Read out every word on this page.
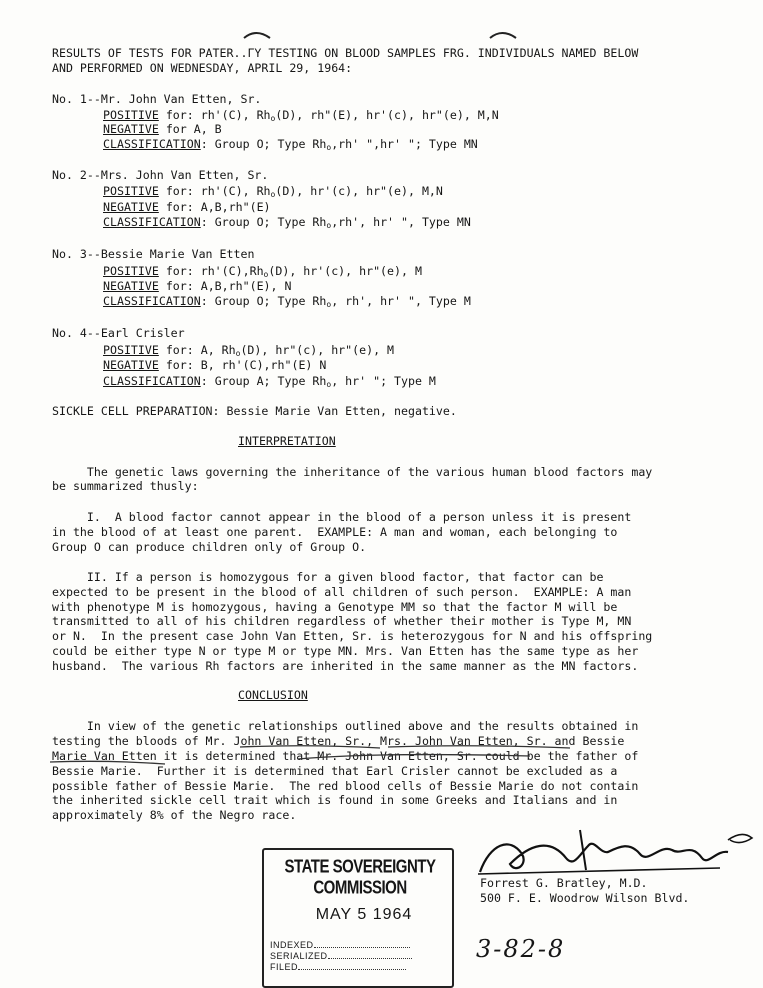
RESULTS OF TESTS FOR PATER..ΓY TESTING ON BLOOD SAMPLES FRG. INDIVIDUALS NAMED BELOW
AND PERFORMED ON WEDNESDAY, APRIL 29, 1964:
No. 1--Mr. John Van Etten, Sr.
POSITIVE for: rh'(C), $Rh_o(D)$, rh"(E), hr'(c), hr"(e), M,N
NEGATIVE for A, B
CLASSIFICATION: Group O; Type $Rh_o,rh'$ ",hr' "; Type MN
No. 2--Mrs. John Van Etten, Sr.
POSITIVE for: rh'(C), $Rh_o(D)$, hr'(c), hr"(e), M,N
NEGATIVE for: A,B,rh"(E)
CLASSIFICATION: Group O; Type $Rh_o,rh'$, hr' ", Type MN
No. 3--Bessie Marie Van Etten
POSITIVE for: $rh'(C),Rh_o(D)$, hr'(c), hr"(e), M
NEGATIVE for: A,B,rh"(E), N
CLASSIFICATION: Group O; Type $Rh_o$, rh', hr' ", Type M
No. 4--Earl Crisler
POSITIVE for: A, $Rh_o(D)$, hr"(c), hr"(e), M
NEGATIVE for: B, rh'(C),rh"(E) N
CLASSIFICATION: Group A; Type $Rh_o$, hr' "; Type M
SICKLE CELL PREPARATION: Bessie Marie Van Etten, negative.
INTERPRETATION
The genetic laws governing the inheritance of the various human blood factors may
be summarized thusly:
I.  A blood factor cannot appear in the blood of a person unless it is present
in the blood of at least one parent.  EXAMPLE: A man and woman, each belonging to
Group O can produce children only of Group O.
II. If a person is homozygous for a given blood factor, that factor can be
expected to be present in the blood of all children of such person.  EXAMPLE: A man
with phenotype M is homozygous, having a Genotype MM so that the factor M will be
transmitted to all of his children regardless of whether their mother is Type M, MN
or N.  In the present case John Van Etten, Sr. is heterozygous for N and his offspring
could be either type N or type M or type MN. Mrs. Van Etten has the same type as her
husband.  The various Rh factors are inherited in the same manner as the MN factors.
CONCLUSION
In view of the genetic relationships outlined above and the results obtained in
testing the bloods of Mr. John Van Etten, Sr., Mrs. John Van Etten, Sr. and Bessie
Marie Van Etten it is determined that Mr. John Van Etten, Sr. could be the father of
Bessie Marie.  Further it is determined that Earl Crisler cannot be excluded as a
possible father of Bessie Marie.  The red blood cells of Bessie Marie do not contain
the inherited sickle cell trait which is found in some Greeks and Italians and in
approximately 8% of the Negro race.
Forrest G. Bratley, M.D.
500 F. E. Woodrow Wilson Blvd.
STATE SOVEREIGNTY COMMISSION
MAY 5 1964
INDEXED
SERIALIZED
FILED
3-82-8
